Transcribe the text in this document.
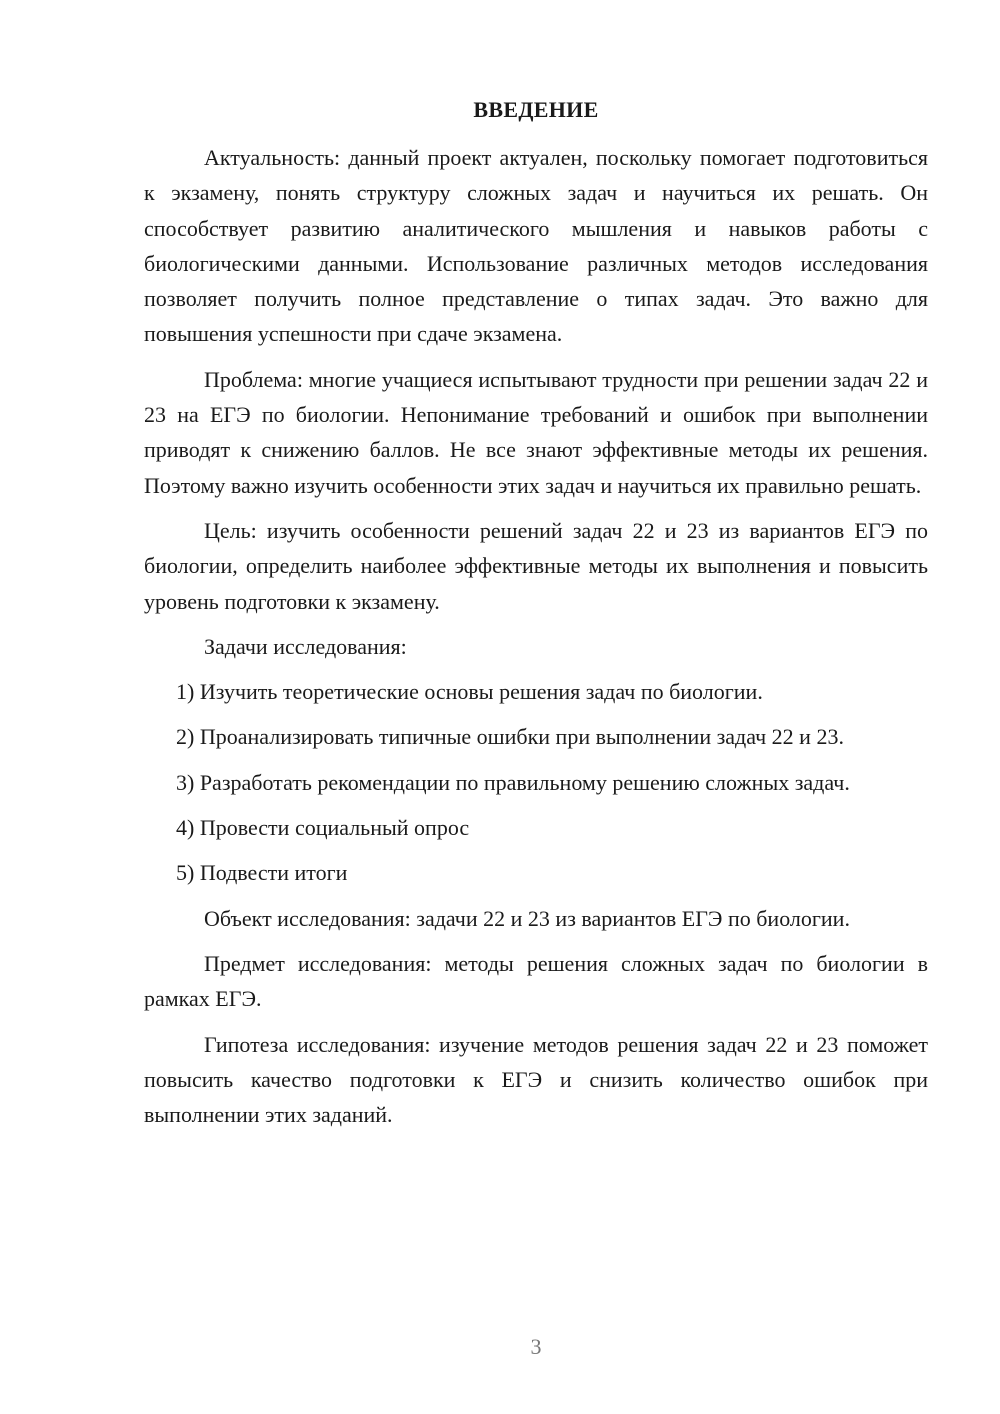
ВВЕДЕНИЕ

Актуальность: данный проект актуален, поскольку помогает подготовиться к экзамену, понять структуру сложных задач и научиться их решать. Он способствует развитию аналитического мышления и навыков работы с биологическими данными. Использование различных методов исследования позволяет получить полное представление о типах задач. Это важно для повышения успешности при сдаче экзамена.

Проблема: многие учащиеся испытывают трудности при решении задач 22 и 23 на ЕГЭ по биологии. Непонимание требований и ошибок при выполнении приводят к снижению баллов. Не все знают эффективные методы их решения. Поэтому важно изучить особенности этих задач и научиться их правильно решать.

Цель: изучить особенности решений задач 22 и 23 из вариантов ЕГЭ по биологии, определить наиболее эффективные методы их выполнения и повысить уровень подготовки к экзамену.

Задачи исследования:

1) Изучить теоретические основы решения задач по биологии.

2) Проанализировать типичные ошибки при выполнении задач 22 и 23.

3) Разработать рекомендации по правильному решению сложных задач.

4) Провести социальный опрос

5) Подвести итоги

Объект исследования: задачи 22 и 23 из вариантов ЕГЭ по биологии.

Предмет исследования: методы решения сложных задач по биологии в рамках ЕГЭ.

Гипотеза исследования: изучение методов решения задач 22 и 23 поможет повысить качество подготовки к ЕГЭ и снизить количество ошибок при выполнении этих заданий.

3
